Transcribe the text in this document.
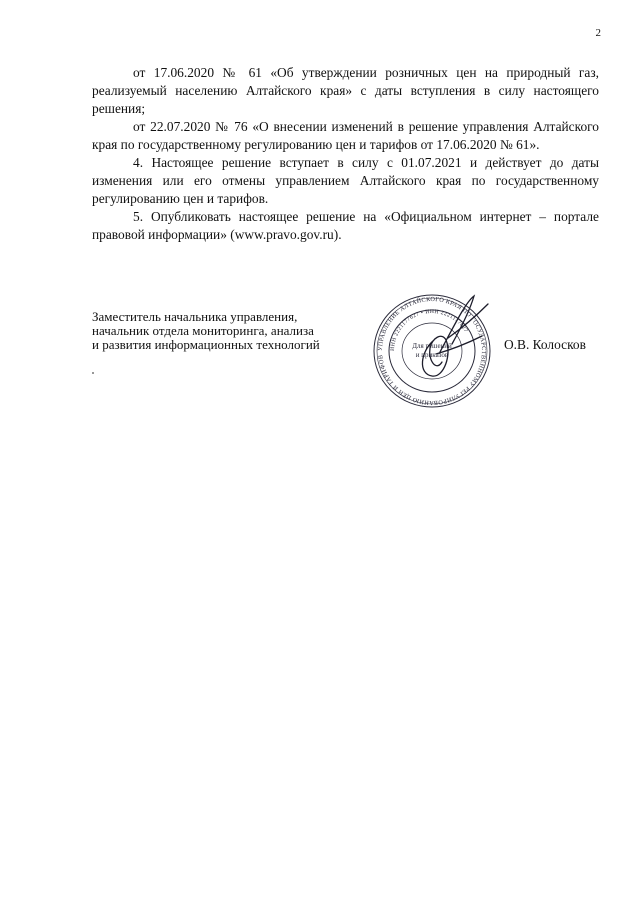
2

от 17.06.2020 № 61 «Об утверждении розничных цен на природный газ, реализуемый населению Алтайского края» с даты вступления в силу настоящего решения;

от 22.07.2020 № 76 «О внесении изменений в решение управления Алтайского края по государственному регулированию цен и тарифов от 17.06.2020 № 61».

4. Настоящее решение вступает в силу с 01.07.2021 и действует до даты изменения или его отмены управлением Алтайского края по государственному регулированию цен и тарифов.

5. Опубликовать настоящее решение на «Официальном интернет – портале правовой информации» (www.pravo.gov.ru).

Заместитель начальника управления,
начальник отдела мониторинга, анализа
и развития информационных технологий	УПРАВЛЕНИЕ АЛТАЙСКОГО КРАЯ ПО ГОСУДАРСТВЕННОМУ РЕГУЛИРОВАНИЮ ЦЕН И ТАРИФОВ
ИНН 2221177627 • ИНН 2221177627
Для решений
и приказов
О.В. Колосков
